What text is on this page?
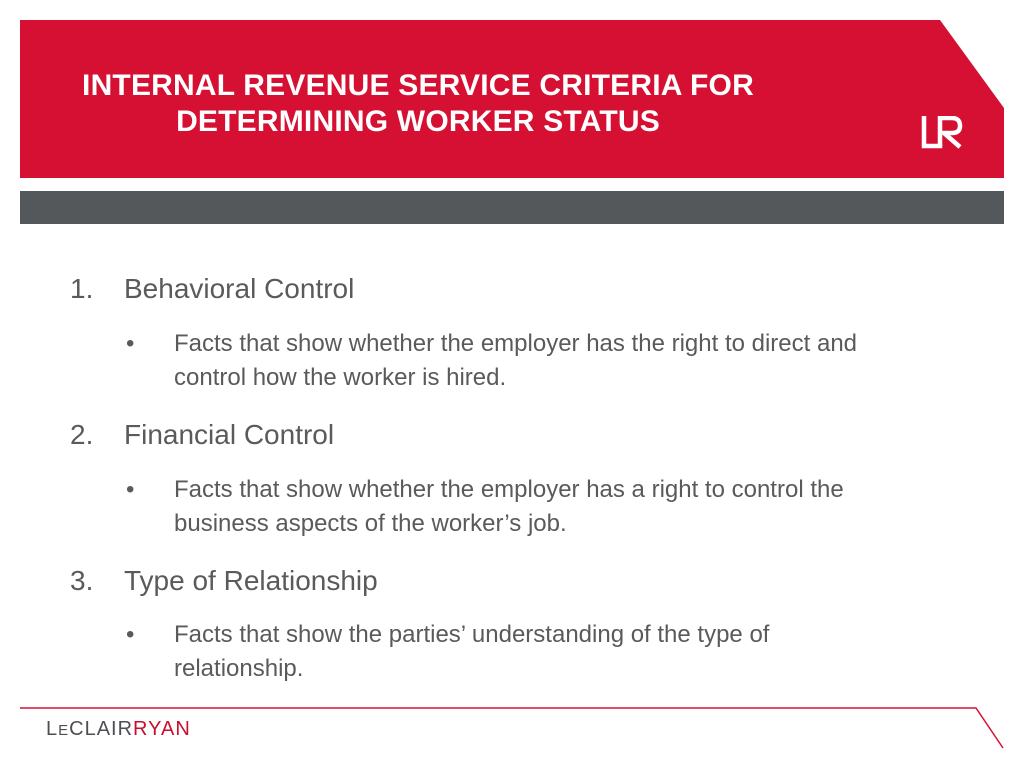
INTERNAL REVENUE SERVICE CRITERIA FOR DETERMINING WORKER STATUS
1.	Behavioral Control
•	Facts that show whether the employer has the right to direct and control how the worker is hired.
2.	Financial Control
•	Facts that show whether the employer has a right to control the business aspects of the worker’s job.
3.	Type of Relationship
•	Facts that show the parties’ understanding of the type of relationship.
LECLAIRRYAN
